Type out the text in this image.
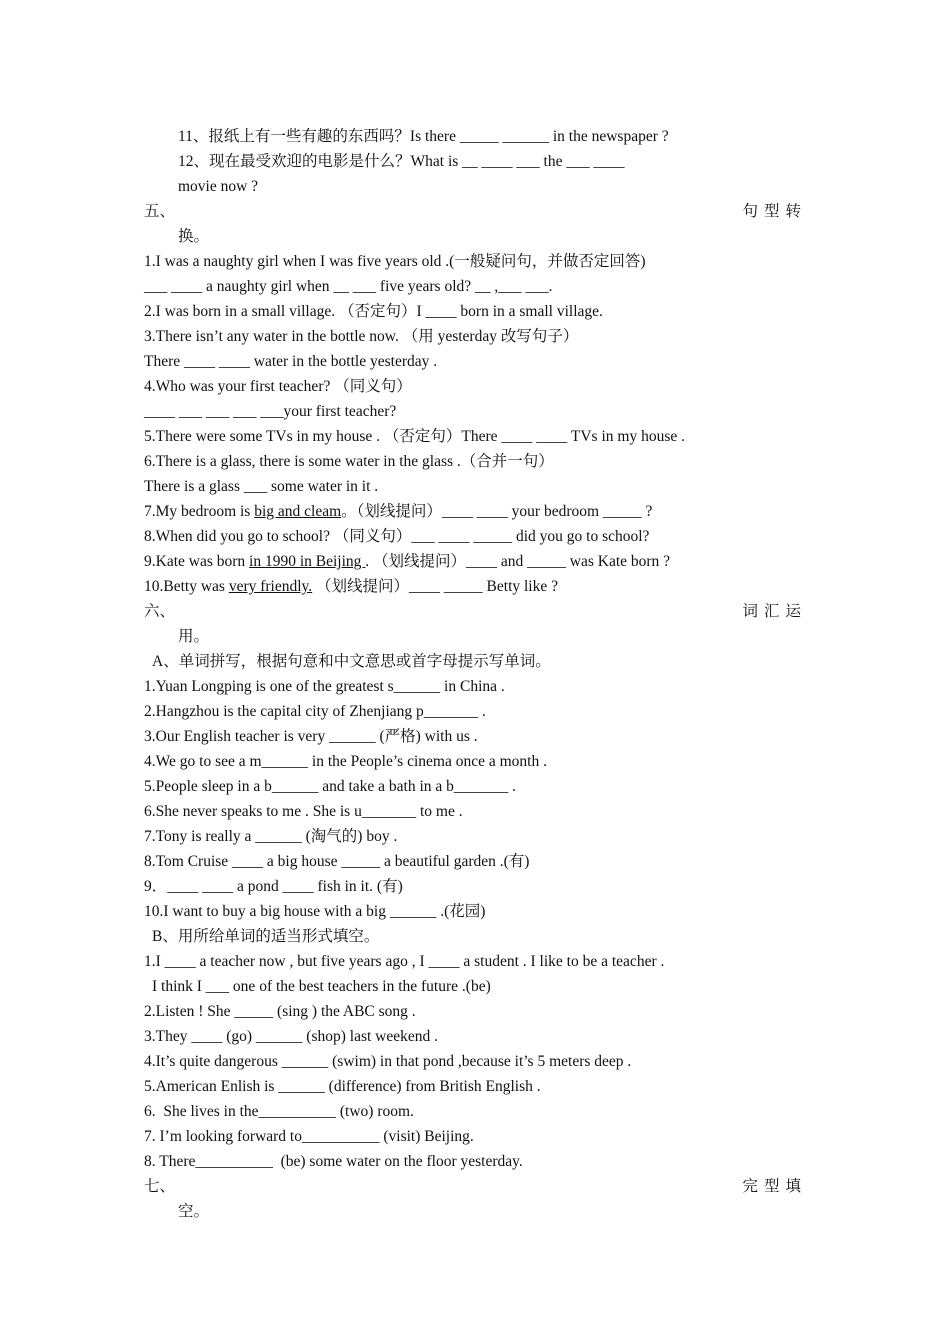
11、报纸上有一些有趣的东西吗？Is there _____ ______ in the newspaper ?
12、现在最受欢迎的电影是什么？What is __ ____ ___ the ___ ____
movie now ?
五、	句型转
换。
1.I was a naughty girl when I was five years old .(一般疑问句，并做否定回答)
___ ____ a naughty girl when __ ___ five years old? __ ,___ ___.
2.I was born in a small village. （否定句）I ____ born in a small village.
3.There isn’t any water in the bottle now. （用 yesterday 改写句子）
There ____ ____ water in the bottle yesterday .
4.Who was your first teacher? （同义句）
____ ___ ___ ___ ___your first teacher?
5.There were some TVs in my house . （否定句）There ____ ____ TVs in my house .
6.There is a glass, there is some water in the glass .（合并一句）
There is a glass ___ some water in it .
7.My bedroom is big and cleam。（划线提问）____ ____ your bedroom _____ ?
8.When did you go to school? （同义句）___ ____ _____ did you go to school?
9.Kate was born in 1990 in Beijing . （划线提问）____ and _____ was Kate born ?
10.Betty was very friendly. （划线提问）____ _____ Betty like ?
六、	词汇运
用。
A、单词拼写，根据句意和中文意思或首字母提示写单词。
1.Yuan Longping is one of the greatest s______ in China .
2.Hangzhou is the capital city of Zhenjiang p_______ .
3.Our English teacher is very ______ (严格) with us .
4.We go to see a m______ in the People’s cinema once a month .
5.People sleep in a b______ and take a bath in a b_______ .
6.She never speaks to me . She is u_______ to me .
7.Tony is really a ______ (淘气的) boy .
8.Tom Cruise ____ a big house _____ a beautiful garden .(有)
9．____ ____ a pond ____ fish in it. (有)
10.I want to buy a big house with a big ______ .(花园)
B、用所给单词的适当形式填空。
1.I ____ a teacher now , but five years ago , I ____ a student . I like to be a teacher .
I think I ___ one of the best teachers in the future .(be)
2.Listen ! She _____ (sing ) the ABC song .
3.They ____ (go) ______ (shop) last weekend .
4.It’s quite dangerous ______ (swim) in that pond ,because it’s 5 meters deep .
5.American Enlish is ______ (difference) from British English .
6.  She lives in the__________ (two) room.
7. I’m looking forward to__________ (visit) Beijing.
8. There__________  (be) some water on the floor yesterday.
七、	完型填
空。
